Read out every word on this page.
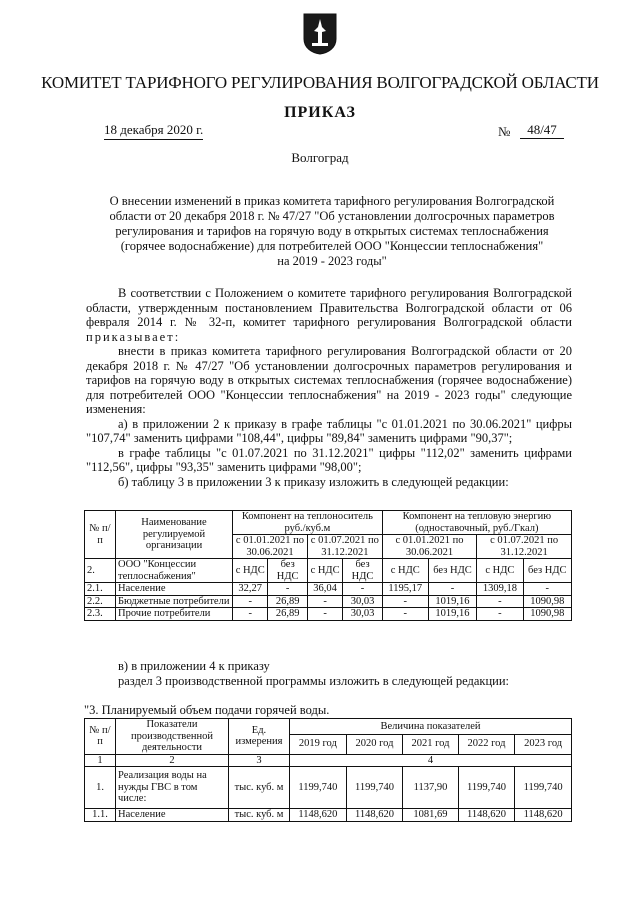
КОМИТЕТ ТАРИФНОГО РЕГУЛИРОВАНИЯ ВОЛГОГРАДСКОЙ ОБЛАСТИ
ПРИКАЗ
18 декабря 2020 г.	№	48/47
Волгоград
О внесении изменений в приказ комитета тарифного регулирования Волгоградской
области от 20 декабря 2018 г. № 47/27 "Об установлении долгосрочных параметров
регулирования и тарифов на горячую воду в открытых системах теплоснабжения
(горячее водоснабжение) для потребителей ООО "Концессии теплоснабжения"
на 2019 - 2023 годы"

В соответствии с Положением о комитете тарифного регулирования Волгоградской области, утвержденным постановлением Правительства Волгоградской области от 06 февраля 2014 г. № 32-п, комитет тарифного регулирования Волгоградской области приказывает:

внести в приказ комитета тарифного регулирования Волгоградской области от 20 декабря 2018 г. № 47/27 "Об установлении долгосрочных параметров регулирования и тарифов на горячую воду в открытых системах теплоснабжения (горячее водоснабжение) для потребителей ООО "Концессии теплоснабжения" на 2019 - 2023 годы" следующие изменения:

а) в приложении 2 к приказу в графе таблицы "с 01.01.2021 по 30.06.2021" цифры "107,74" заменить цифрами "108,44", цифры "89,84" заменить цифрами "90,37";

в графе таблицы "с 01.07.2021 по 31.12.2021" цифры "112,02" заменить цифрами "112,56", цифры "93,35" заменить цифрами "98,00";

б) таблицу 3 в приложении 3 к приказу изложить в следующей редакции:

№ п/п	Наименование регулируемой организации	Компонент на теплоноситель руб./куб.м				Компонент на тепловую энергию (одноставочный, руб./Гкал)			
		с 01.01.2021 по 30.06.2021		с 01.07.2021 по 31.12.2021		с 01.01.2021 по 30.06.2021		с 01.07.2021 по 31.12.2021	

2.	ООО "Концессии теплоснабжения"	с НДС	без НДС	с НДС	без НДС	с НДС	без НДС	с НДС	без НДС
2.1.	Население	32,27	-	36,04	-	1195,17	-	1309,18	-
2.2.	Бюджетные потребители	-	26,89	-	30,03	-	1019,16	-	1090,98
2.3.	Прочие потребители	-	26,89	-	30,03	-	1019,16	-	1090,98

в) в приложении 4 к приказу

раздел 3 производственной программы изложить в следующей редакции:

"3. Планируемый объем подачи горячей воды.
№ п/п	Показатели производственной деятельности	Ед. измерения	Величина показателей				
			2019 год	2020 год	2021 год	2022 год	2023 год
1	2	3	4				
1.	Реализация воды на нужды ГВС в том числе:	тыс. куб. м	1199,740	1199,740	1137,90	1199,740	1199,740
1.1.	Население	тыс. куб. м	1148,620	1148,620	1081,69	1148,620	1148,620
